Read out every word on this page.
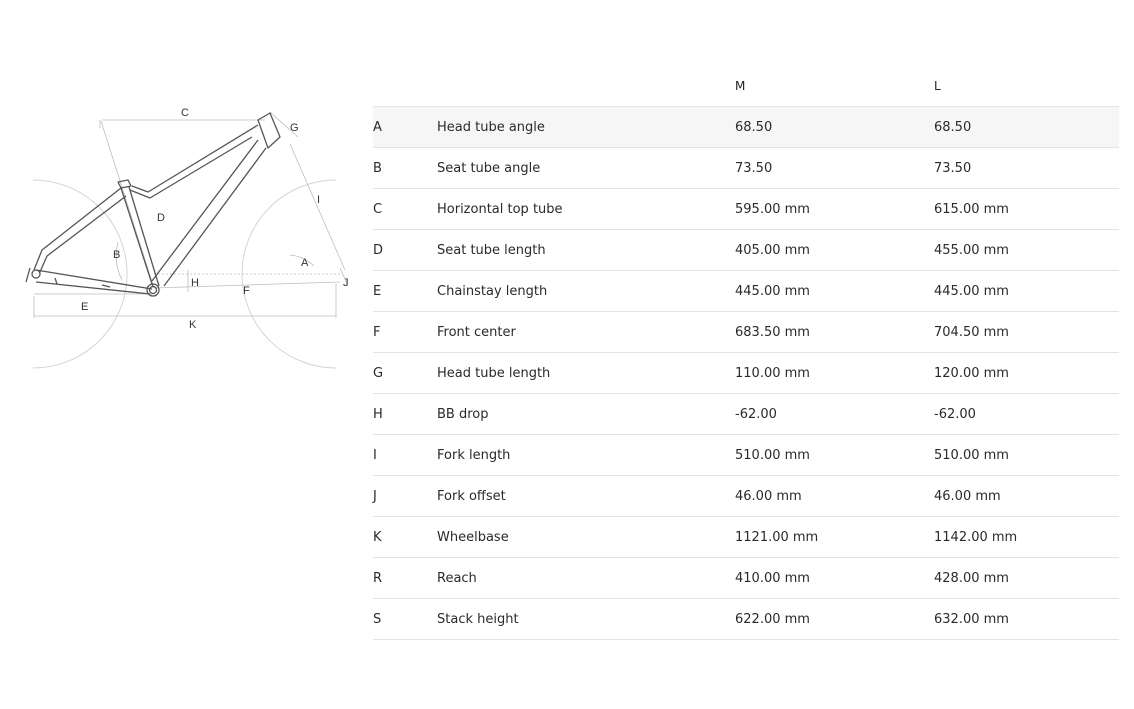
C
G
I
D
B
A
H	J
F
E
K
M	L
A	Head tube angle	68.50	68.50
B	Seat tube angle	73.50	73.50
C	Horizontal top tube	595.00 mm	615.00 mm
D	Seat tube length	405.00 mm	455.00 mm
E	Chainstay length	445.00 mm	445.00 mm
F	Front center	683.50 mm	704.50 mm
G	Head tube length	110.00 mm	120.00 mm
H	BB drop	-62.00	-62.00
I	Fork length	510.00 mm	510.00 mm
J	Fork offset	46.00 mm	46.00 mm
K	Wheelbase	1121.00 mm	1142.00 mm
R	Reach	410.00 mm	428.00 mm
S	Stack height	622.00 mm	632.00 mm
